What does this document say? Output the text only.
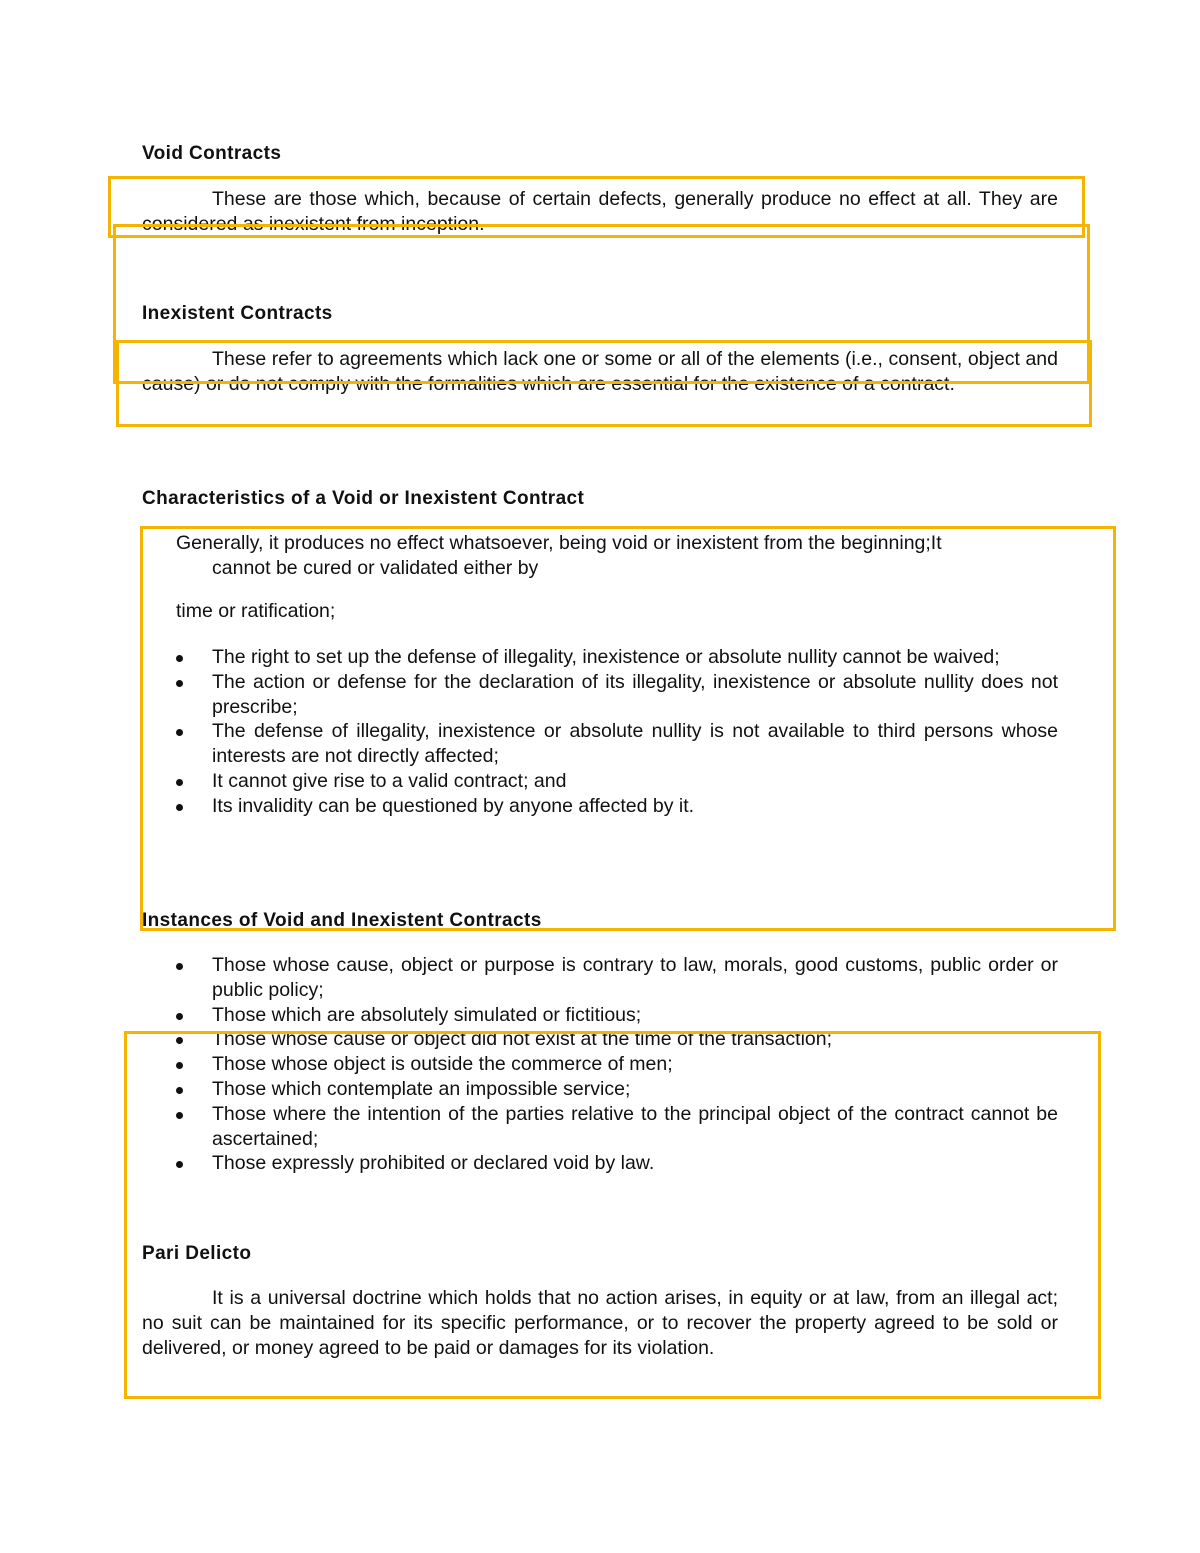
Void Contracts

These are those which, because of certain defects, generally produce no effect at all. They are considered as inexistent from inception.

Inexistent Contracts

These refer to agreements which lack one or some or all of the elements (i.e., consent, object and cause) or do not comply with the formalities which are essential for the existence of a contract.

Characteristics of a Void or Inexistent Contract

Generally, it produces no effect whatsoever, being void or inexistent from the beginning;It

cannot be cured or validated either by

time or ratification;

The right to set up the defense of illegality, inexistence or absolute nullity cannot be waived;
The action or defense for the declaration of its illegality, inexistence or absolute nullity does not prescribe;
The defense of illegality, inexistence or absolute nullity is not available to third persons whose interests are not directly affected;
It cannot give rise to a valid contract; and
Its invalidity can be questioned by anyone affected by it.
Instances of Void and Inexistent Contracts
Those whose cause, object or purpose is contrary to law, morals, good customs, public order or public policy;
Those which are absolutely simulated or fictitious;
Those whose cause or object did not exist at the time of the transaction;
Those whose object is outside the commerce of men;
Those which contemplate an impossible service;
Those where the intention of the parties relative to the principal object of the contract cannot be ascertained;
Those expressly prohibited or declared void by law.
Pari Delicto

It is a universal doctrine which holds that no action arises, in equity or at law, from an illegal act; no suit can be maintained for its specific performance, or to recover the property agreed to be sold or delivered, or money agreed to be paid or damages for its violation.
